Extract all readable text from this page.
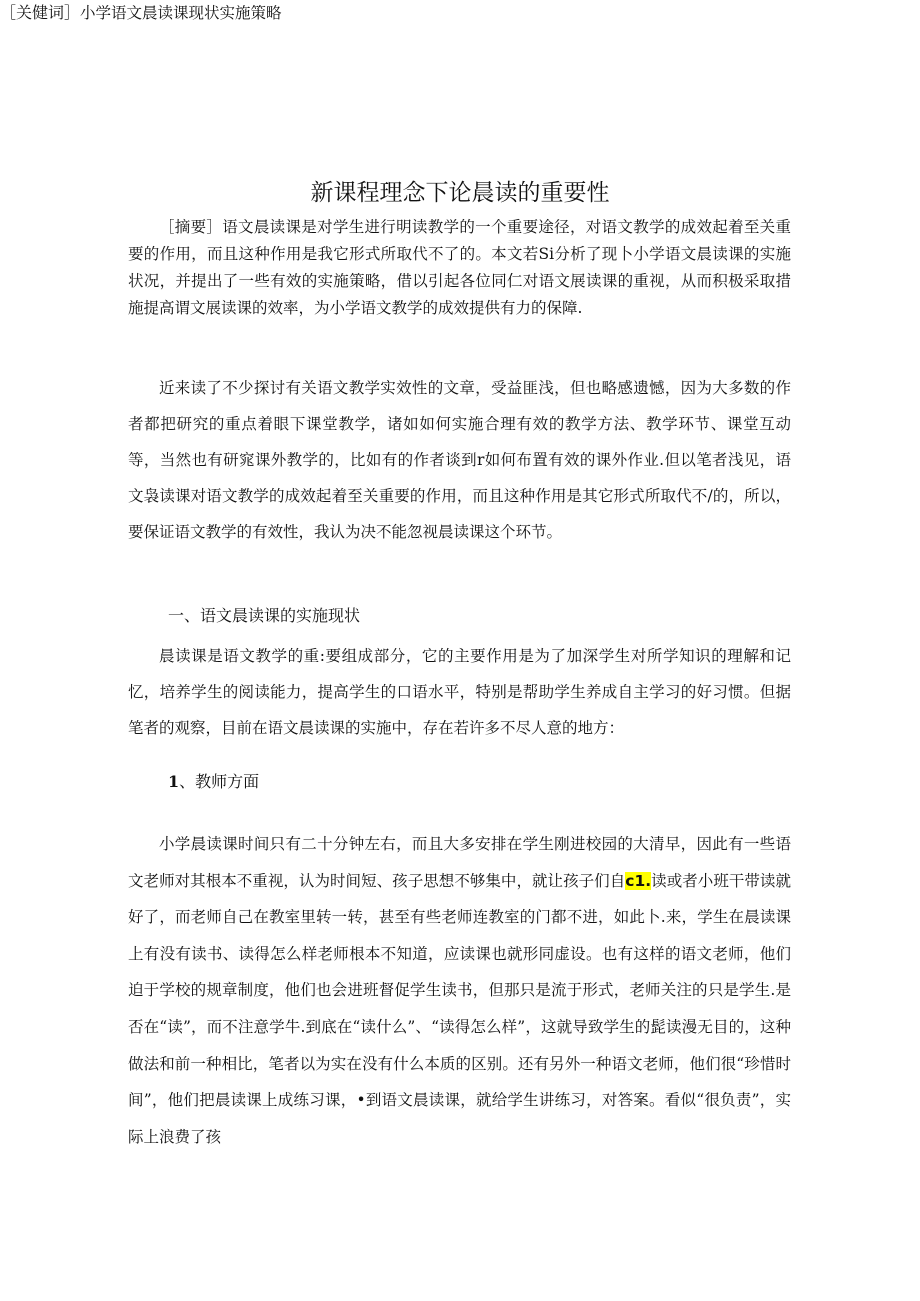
新课程理念下论晨读的重要性

［摘要］语文晨读课是对学生进行明读教学的一个重要途径，对语文教学的成效起着至关重要的作用，而且这种作用是我它形式所取代不了的。本文若Si分析了现卜小学语文晨读课的实施状况，并提出了一些有效的实施策略，借以引起各位同仁对语文展读课的重视，从而积极采取措施提高谓文展读课的效率，为小学语文教学的成效提供有力的保障.

［关健词］小学语文晨读课现状实施策略

近来读了不少探讨有关语文教学实效性的文章，受益匪浅，但也略感遗憾，因为大多数的作者都把研究的重点着眼下课堂教学，诸如如何实施合理有效的教学方法、教学环节、课堂互动等，当然也有研窕课外教学的，比如有的作者谈到r如何布置有效的课外作业.但以笔者浅见，语文袅读课对语文教学的成效起着至关重要的作用，而且这种作用是其它形式所取代不/的，所以，要保证语文教学的有效性，我认为决不能忽视晨读课这个环节。

一、语文晨读课的实施现状

晨读课是语文教学的重:要组成部分，它的主要作用是为了加深学生对所学知识的理解和记忆，培养学生的阅读能力，提高学生的口语水平，特别是帮助学生养成自主学习的好习惯。但据笔者的观察，目前在语文晨读课的实施中，存在若许多不尽人意的地方：

1、教师方面

小学晨读课时间只有二十分钟左右，而且大多安排在学生刚进校园的大清早，因此有一些语文老师对其根本不重视，认为时间短、孩子思想不够集中，就让孩子们自c1.读或者小班干带读就好了，而老师自己在教室里转一转，甚至有些老师连教室的门都不进，如此卜.来，学生在晨读课上有没有读书、读得怎么样老师根本不知道，应读课也就形同虚设。也有这样的语文老师，他们迫于学校的规章制度，他们也会进班督促学生读书，但那只是流于形式，老师关注的只是学生.是否在“读”，而不注意学牛.到底在“读什么”、“读得怎么样”，这就导致学生的髭读漫无目的，这种做法和前一种相比，笔者以为实在没有什么本质的区别。还有另外一种语文老师，他们很“珍惜时间”，他们把晨读课上成练习课，•到语文晨读课，就给学生讲练习，对答案。看似“很负责”，实际上浪费了孩
